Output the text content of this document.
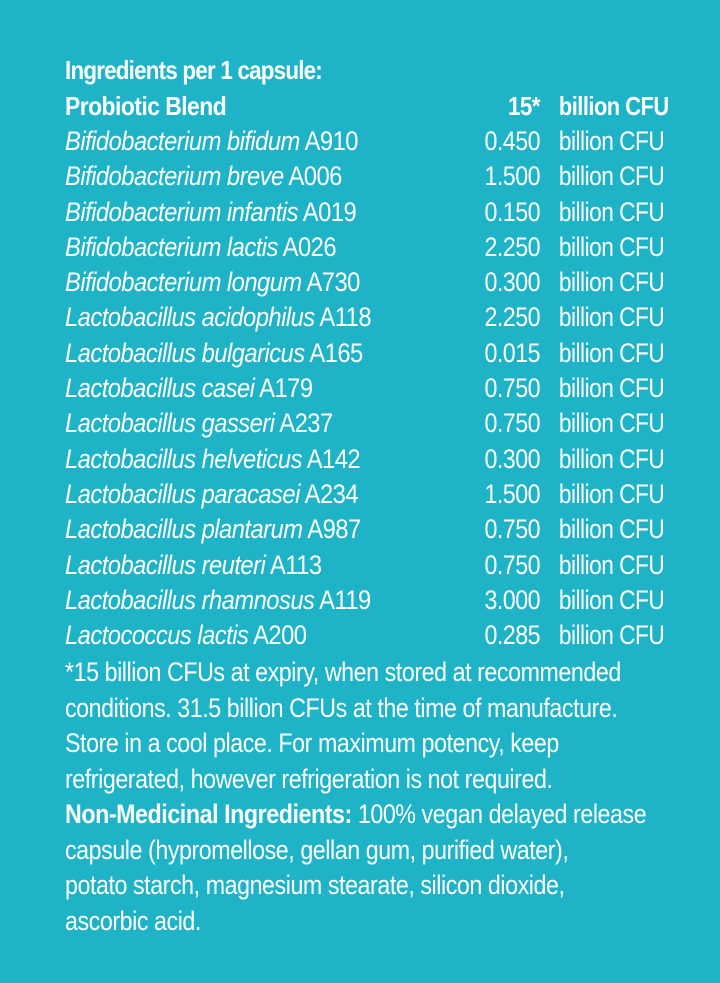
Ingredients per 1 capsule:
Probiotic Blend	15* billion CFU
Bifidobacterium bifidum A910	0.450 billion CFU
Bifidobacterium breve A006	1.500 billion CFU
Bifidobacterium infantis A019	0.150 billion CFU
Bifidobacterium lactis A026	2.250 billion CFU
Bifidobacterium longum A730	0.300 billion CFU
Lactobacillus acidophilus A118	2.250 billion CFU
Lactobacillus bulgaricus A165	0.015 billion CFU
Lactobacillus casei A179	0.750 billion CFU
Lactobacillus gasseri A237	0.750 billion CFU
Lactobacillus helveticus A142	0.300 billion CFU
Lactobacillus paracasei A234	1.500 billion CFU
Lactobacillus plantarum A987	0.750 billion CFU
Lactobacillus reuteri A113	0.750 billion CFU
Lactobacillus rhamnosus A119	3.000 billion CFU
Lactococcus lactis A200	0.285 billion CFU
*15 billion CFUs at expiry, when stored at recommended
conditions. 31.5 billion CFUs at the time of manufacture.
Store in a cool place. For maximum potency, keep
refrigerated, however refrigeration is not required.
Non-Medicinal Ingredients: 100% vegan delayed release
capsule (hypromellose, gellan gum, purified water),
potato starch, magnesium stearate, silicon dioxide,
ascorbic acid.
